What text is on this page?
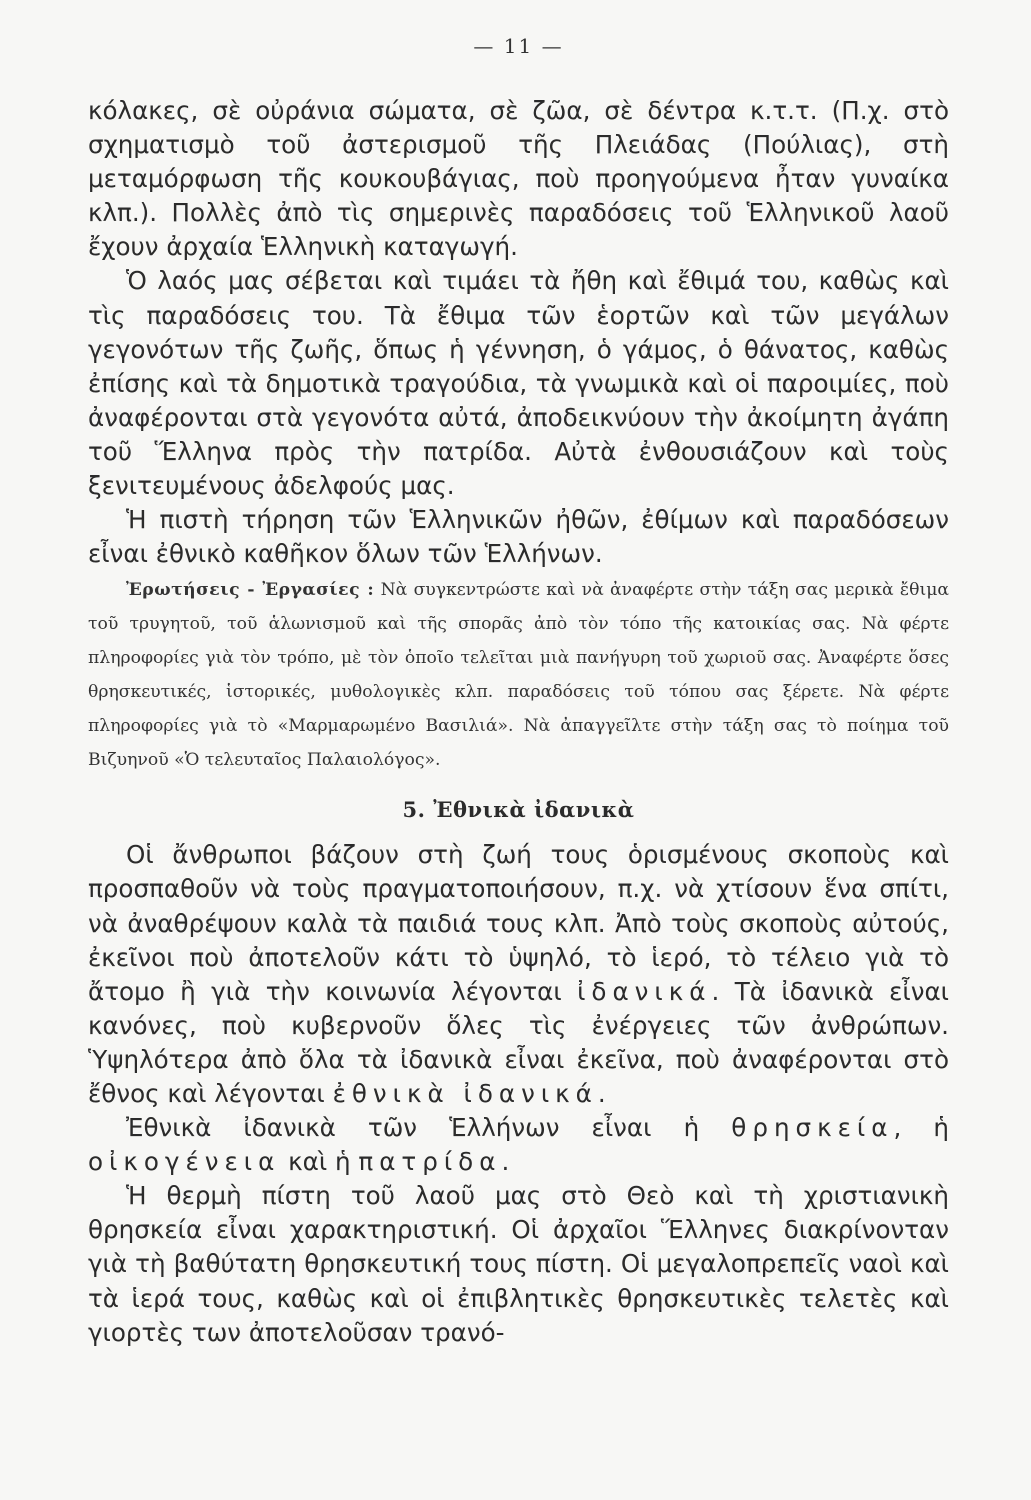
— 11 —

κόλακες, σὲ οὐράνια σώματα, σὲ ζῶα, σὲ δέντρα κ.τ.τ. (Π.χ. στὸ σχηματισμὸ τοῦ ἀστερισμοῦ τῆς Πλειάδας (Πούλιας), στὴ μεταμόρφωση τῆς κουκουβάγιας, ποὺ προηγούμενα ἦταν γυναίκα κλπ.). Πολλὲς ἀπὸ τὶς σημερινὲς παραδόσεις τοῦ Ἑλληνικοῦ λαοῦ ἔχουν ἀρχαία Ἑλληνικὴ καταγωγή.

Ὁ λαός μας σέβεται καὶ τιμάει τὰ ἤθη καὶ ἔθιμά του, καθὼς καὶ τὶς παραδόσεις του. Τὰ ἔθιμα τῶν ἑορτῶν καὶ τῶν μεγάλων γεγονότων τῆς ζωῆς, ὅπως ἡ γέννηση, ὁ γάμος, ὁ θάνατος, καθὼς ἐπίσης καὶ τὰ δημοτικὰ τραγούδια, τὰ γνωμικὰ καὶ οἱ παροιμίες, ποὺ ἀναφέρονται στὰ γεγονότα αὐτά, ἀποδεικνύουν τὴν ἀκοίμητη ἀγάπη τοῦ Ἕλληνα πρὸς τὴν πατρίδα. Αὐτὰ ἐνθουσιάζουν καὶ τοὺς ξενιτευμένους ἀδελφούς μας.

Ἡ πιστὴ τήρηση τῶν Ἑλληνικῶν ἠθῶν, ἐθίμων καὶ παραδόσεων εἶναι ἐθνικὸ καθῆκον ὅλων τῶν Ἑλλήνων.

Ἐρωτήσεις - Ἐργασίες : Νὰ συγκεντρώστε καὶ νὰ ἀναφέρτε στὴν τάξη σας μερικὰ ἔθιμα τοῦ τρυγητοῦ, τοῦ ἁλωνισμοῦ καὶ τῆς σπορᾶς ἀπὸ τὸν τόπο τῆς κατοικίας σας. Νὰ φέρτε πληροφορίες γιὰ τὸν τρόπο, μὲ τὸν ὁποῖο τελεῖται μιὰ πανήγυρη τοῦ χωριοῦ σας. Ἀναφέρτε ὅσες θρησκευτικές, ἱστορικές, μυθολογικὲς κλπ. παραδόσεις τοῦ τόπου σας ξέρετε. Νὰ φέρτε πληροφορίες γιὰ τὸ «Μαρμαρωμένο Βασιλιά». Νὰ ἀπαγγεῖλτε στὴν τάξη σας τὸ ποίημα τοῦ Βιζυηνοῦ «Ὁ τελευταῖος Παλαιολόγος».

5. Ἐθνικὰ ἰδανικὰ

Οἱ ἄνθρωποι βάζουν στὴ ζωή τους ὁρισμένους σκοποὺς καὶ προσπαθοῦν νὰ τοὺς πραγματοποιήσουν, π.χ. νὰ χτίσουν ἕνα σπίτι, νὰ ἀναθρέψουν καλὰ τὰ παιδιά τους κλπ. Ἀπὸ τοὺς σκοποὺς αὐτούς, ἐκεῖνοι ποὺ ἀποτελοῦν κάτι τὸ ὑψηλό, τὸ ἱερό, τὸ τέλειο γιὰ τὸ ἄτομο ἢ γιὰ τὴν κοινωνία λέγονται ἰδανικά. Τὰ ἰδανικὰ εἶναι κανόνες, ποὺ κυβερνοῦν ὅλες τὶς ἐνέργειες τῶν ἀνθρώπων. Ὑψηλότερα ἀπὸ ὅλα τὰ ἰδανικὰ εἶναι ἐκεῖνα, ποὺ ἀναφέρονται στὸ ἔθνος καὶ λέγονται ἐθνικὰ ἰδανικά.

Ἐθνικὰ ἰδανικὰ τῶν Ἑλλήνων εἶναι ἡ θρησκεία, ἡ οἰκογένεια καὶ ἡ πατρίδα.

Ἡ θερμὴ πίστη τοῦ λαοῦ μας στὸ Θεὸ καὶ τὴ χριστιανικὴ θρησκεία εἶναι χαρακτηριστική. Οἱ ἀρχαῖοι Ἕλληνες διακρίνονταν γιὰ τὴ βαθύτατη θρησκευτική τους πίστη. Οἱ μεγαλοπρεπεῖς ναοὶ καὶ τὰ ἱερά τους, καθὼς καὶ οἱ ἐπιβλητικὲς θρησκευτικὲς τελετὲς καὶ γιορτὲς των ἀποτελοῦσαν τρανό-
